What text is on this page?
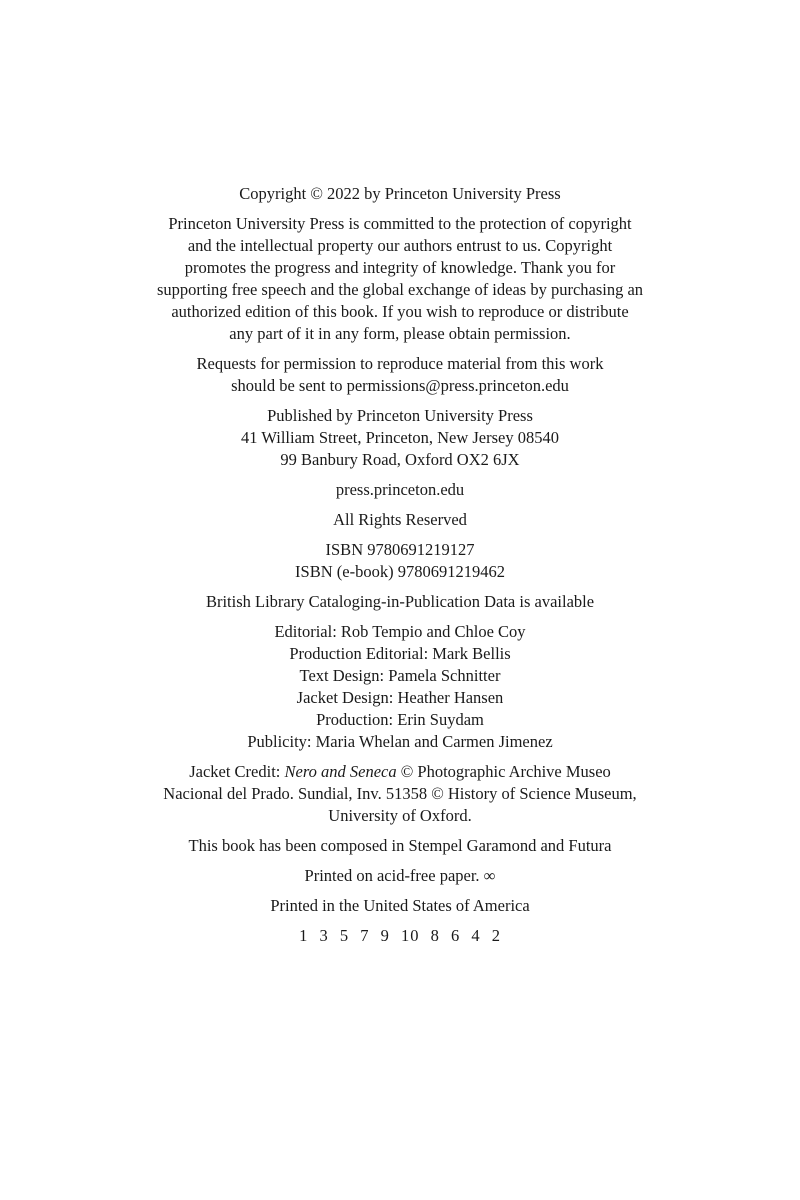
Copyright © 2022 by Princeton University Press
Princeton University Press is committed to the protection of copyright
and the intellectual property our authors entrust to us. Copyright
promotes the progress and integrity of knowledge. Thank you for
supporting free speech and the global exchange of ideas by purchasing an
authorized edition of this book. If you wish to reproduce or distribute
any part of it in any form, please obtain permission.
Requests for permission to reproduce material from this work
should be sent to permissions@press.princeton.edu
Published by Princeton University Press
41 William Street, Princeton, New Jersey 08540
99 Banbury Road, Oxford OX2 6JX
press.princeton.edu
All Rights Reserved
ISBN 9780691219127
ISBN (e-book) 9780691219462
British Library Cataloging-in-Publication Data is available
Editorial: Rob Tempio and Chloe Coy
Production Editorial: Mark Bellis
Text Design: Pamela Schnitter
Jacket Design: Heather Hansen
Production: Erin Suydam
Publicity: Maria Whelan and Carmen Jimenez
Jacket Credit: Nero and Seneca © Photographic Archive Museo
Nacional del Prado. Sundial, Inv. 51358 © History of Science Museum,
University of Oxford.
This book has been composed in Stempel Garamond and Futura
Printed on acid-free paper. ∞
Printed in the United States of America
1 3 5 7 9 10 8 6 4 2
